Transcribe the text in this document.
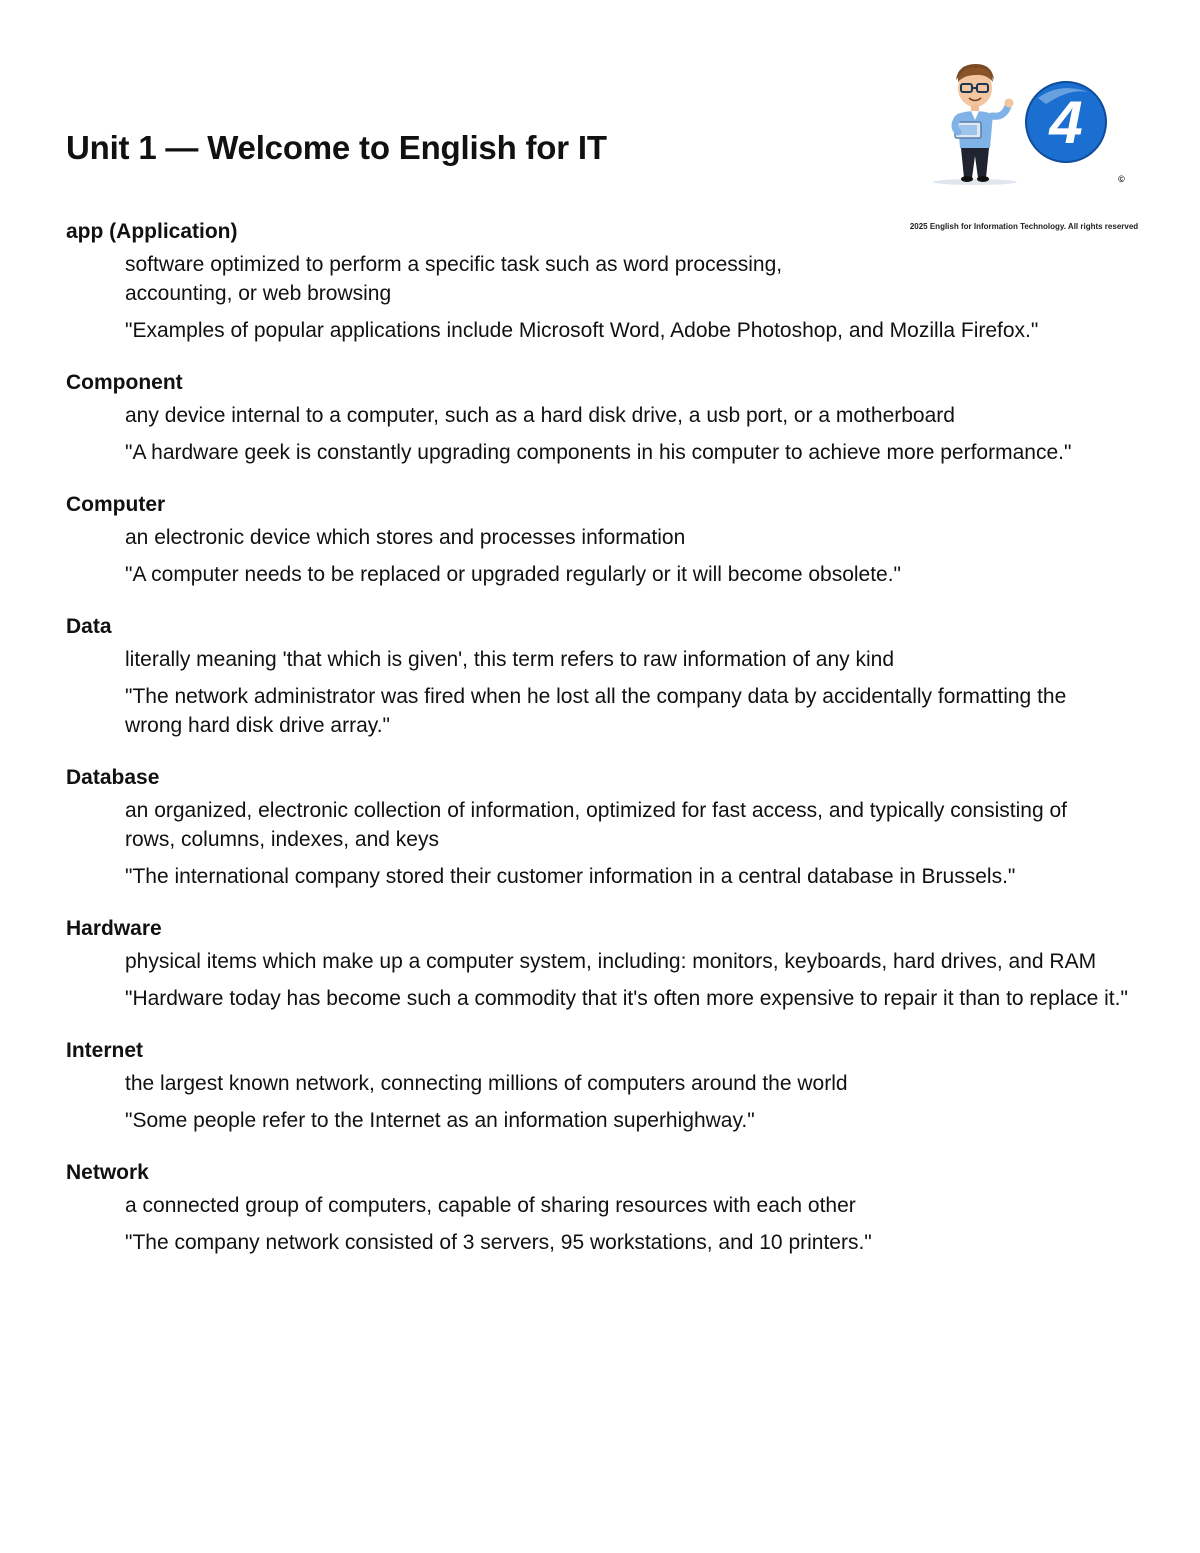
Unit 1 — Welcome to English for IT	4
©
2025 English for Information Technology. All rights reserved

app (Application)

software optimized to perform a specific task such as word processing, accounting, or web browsing

"Examples of popular applications include Microsoft Word, Adobe Photoshop, and Mozilla Firefox."

Component

any device internal to a computer, such as a hard disk drive, a usb port, or a motherboard

"A hardware geek is constantly upgrading components in his computer to achieve more performance."

Computer

an electronic device which stores and processes information

"A computer needs to be replaced or upgraded regularly or it will become obsolete."

Data

literally meaning 'that which is given', this term refers to raw information of any kind

"The network administrator was fired when he lost all the company data by accidentally formatting the wrong hard disk drive array."

Database

an organized, electronic collection of information, optimized for fast access, and typically consisting of rows, columns, indexes, and keys

"The international company stored their customer information in a central database in Brussels."

Hardware

physical items which make up a computer system, including: monitors, keyboards, hard drives, and RAM

"Hardware today has become such a commodity that it's often more expensive to repair it than to replace it."

Internet

the largest known network, connecting millions of computers around the world

"Some people refer to the Internet as an information superhighway."

Network

a connected group of computers, capable of sharing resources with each other

"The company network consisted of 3 servers, 95 workstations, and 10 printers."
